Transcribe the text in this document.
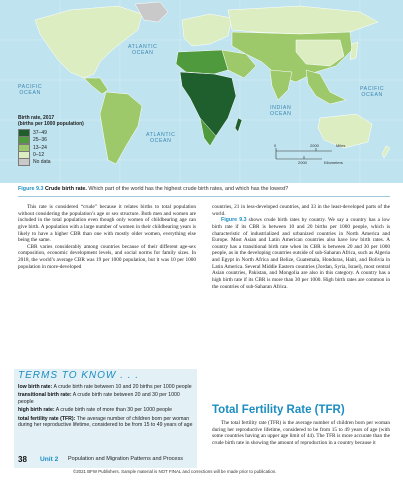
ATLANTIC
OCEAN
PACIFIC
OCEAN
PACIFIC
OCEAN
INDIAN
OCEAN
ATLANTIC
OCEAN
Birth rate, 2017
(births per 1000 population)
37–49
25–36
13–24
0–12
No data
0	2000	Miles
2000	Kilometers
Figure 9.3 Crude birth rate. Which part of the world has the highest crude birth rates, and which has the lowest?

This rate is considered “crude” because it relates births to total population without considering the population’s age or sex structure. Both men and women are included in the total population even though only women of childbearing age can give birth. A population with a large number of women in their childbearing years is likely to have a higher CBR than one with mostly older women, everything else being the same.

CBR varies considerably among countries because of their different age-sex composition, economic development levels, and social norms for family sizes. In 2018, the world’s average CBR was 19 per 1000 population, but it was 10 per 1000 population in more-developed

countries, 21 in less-developed countries, and 33 in the least-developed parts of the world.

Figure 9.3 shows crude birth rates by country. We say a country has a low birth rate if its CBR is between 10 and 20 births per 1000 people, which is characteristic of industrialized and urbanized countries in North America and Europe. Most Asian and Latin American countries also have low birth rates. A country has a transitional birth rate when its CBR is between 20 and 30 per 1000 people, as in the developing countries outside of sub-Saharan Africa, such as Algeria and Egypt in North Africa and Belize, Guatemala, Honduras, Haiti, and Bolivia in Latin America. Several Middle Eastern countries (Jordan, Syria, Israel), most central Asian countries, Pakistan, and Mongolia are also in this category. A country has a high birth rate if its CBR is more than 30 per 1000. High birth rates are common in the countries of sub-Saharan Africa.

TERMS TO KNOW . . .
low birth rate: A crude birth rate between 10 and 20 births per 1000 people
transitional birth rate: A crude birth rate between 20 and 30 per 1000 people
high birth rate: A crude birth rate of more than 30 per 1000 people
total fertility rate (TFR): The average number of children born per woman during her reproductive lifetime, considered to be from 15 to 49 years of age
Total Fertility Rate (TFR)

The total fertility rate (TFR) is the average number of children born per woman during her reproductive lifetime, considered to be from 15 to 49 years of age (with some countries having an upper age limit of 44). The TFR is more accurate than the crude birth rate in showing the amount of reproduction in a country because it

38 Unit 2 Population and Migration Patterns and Process
©2021 BFW Publishers. Sample material is NOT FINAL and corrections will be made prior to publication.
